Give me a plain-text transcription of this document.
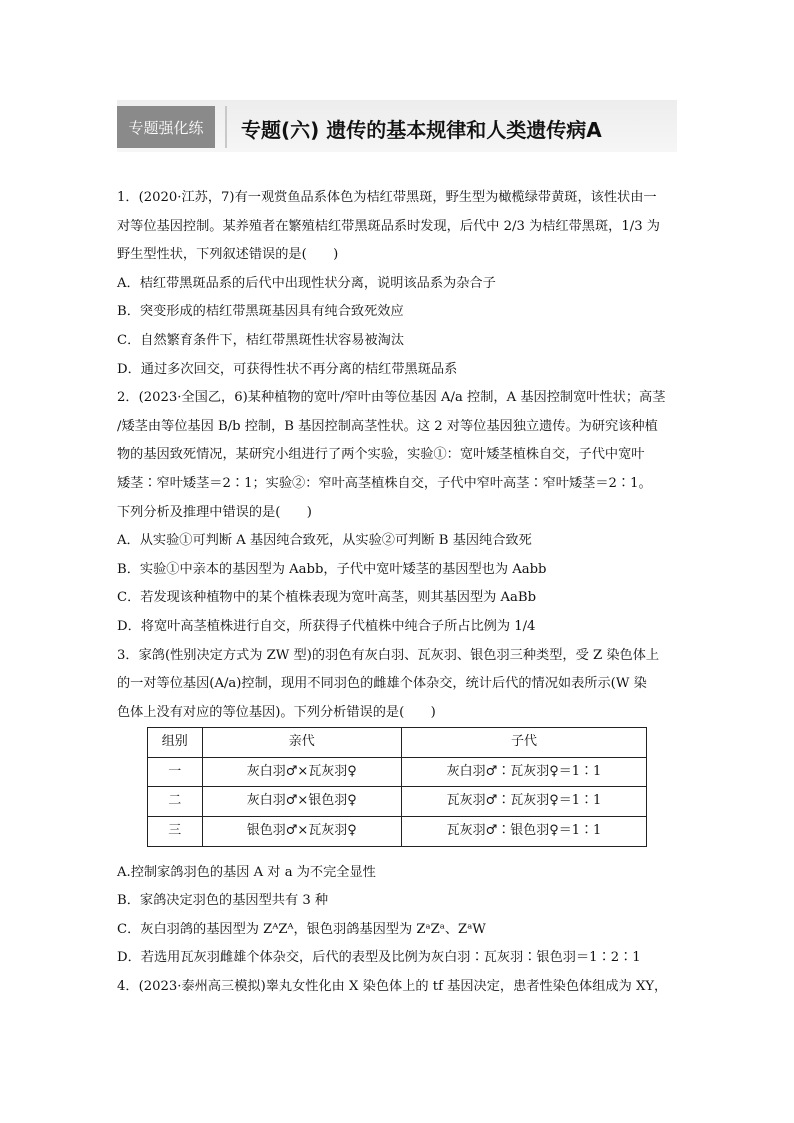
专题强化练	专题(六) 遗传的基本规律和人类遗传病A

1．(2020·江苏，7)有一观赏鱼品系体色为桔红带黑斑，野生型为橄榄绿带黄斑，该性状由一

对等位基因控制。某养殖者在繁殖桔红带黑斑品系时发现，后代中 2/3 为桔红带黑斑，1/3 为

野生型性状，下列叙述错误的是(　　)

A．桔红带黑斑品系的后代中出现性状分离，说明该品系为杂合子

B．突变形成的桔红带黑斑基因具有纯合致死效应

C．自然繁育条件下，桔红带黑斑性状容易被淘汰

D．通过多次回交，可获得性状不再分离的桔红带黑斑品系

2．(2023·全国乙，6)某种植物的宽叶/窄叶由等位基因 A/a 控制，A 基因控制宽叶性状；高茎

/矮茎由等位基因 B/b 控制，B 基因控制高茎性状。这 2 对等位基因独立遗传。为研究该种植

物的基因致死情况，某研究小组进行了两个实验，实验①：宽叶矮茎植株自交，子代中宽叶

矮茎∶窄叶矮茎＝2∶1；实验②：窄叶高茎植株自交，子代中窄叶高茎∶窄叶矮茎＝2∶1。

下列分析及推理中错误的是(　　)

A．从实验①可判断 A 基因纯合致死，从实验②可判断 B 基因纯合致死

B．实验①中亲本的基因型为 Aabb，子代中宽叶矮茎的基因型也为 Aabb

C．若发现该种植物中的某个植株表现为宽叶高茎，则其基因型为 AaBb

D．将宽叶高茎植株进行自交，所获得子代植株中纯合子所占比例为 1/4

3．家鸽(性别决定方式为 ZW 型)的羽色有灰白羽、瓦灰羽、银色羽三种类型，受 Z 染色体上

的一对等位基因(A/a)控制，现用不同羽色的雌雄个体杂交，统计后代的情况如表所示(W 染

色体上没有对应的等位基因)。下列分析错误的是(　　)

组别	亲代	子代
一	灰白羽♂×瓦灰羽♀	灰白羽♂∶瓦灰羽♀＝1∶1
二	灰白羽♂×银色羽♀	瓦灰羽♂∶瓦灰羽♀＝1∶1
三	银色羽♂×瓦灰羽♀	瓦灰羽♂∶银色羽♀＝1∶1

A.控制家鸽羽色的基因 A 对 a 为不完全显性

B．家鸽决定羽色的基因型共有 3 种

C．灰白羽鸽的基因型为 ZᴬZᴬ，银色羽鸽基因型为 ZᵃZᵃ、ZᵃW

D．若选用瓦灰羽雌雄个体杂交，后代的表型及比例为灰白羽∶瓦灰羽∶银色羽＝1∶2∶1

4．(2023·泰州高三模拟)睾丸女性化由 X 染色体上的 tf 基因决定，患者性染色体组成为 XY，
